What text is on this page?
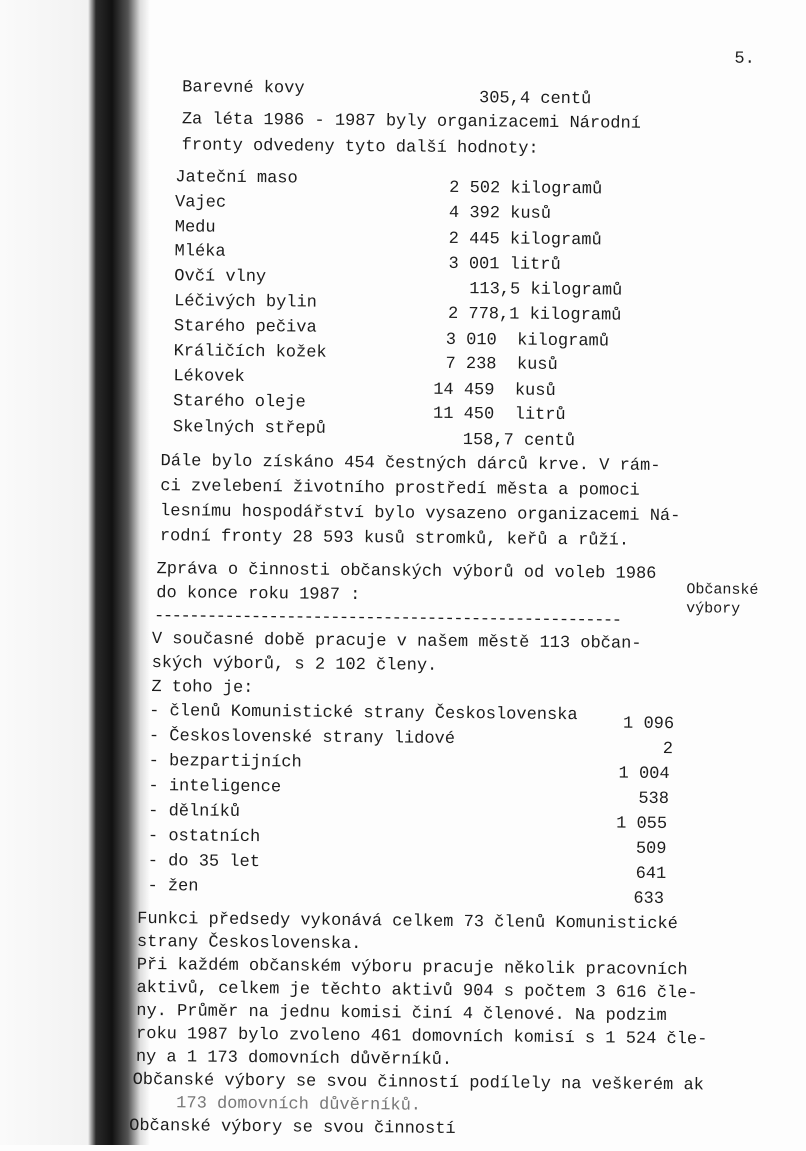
5.
Barevné kovy
305,4 centů
Za léta 1986 - 1987 byly organizacemi Národní
fronty odvedeny tyto další hodnoty:
Jateční maso
2 502 kilogramů
Vajec
4 392 kusů
Medu
2 445 kilogramů
Mléka
3 001 litrů
Ovčí vlny
113,5 kilogramů
Léčivých bylin
2 778,1 kilogramů
Starého pečiva
3 010  kilogramů
Králičích kožek
7 238  kusů
Lékovek
14 459  kusů
Starého oleje
11 450  litrů
Skelných střepů
158,7 centů
Dále bylo získáno 454 čestných dárců krve. V rám-
ci zvelebení životního prostředí města a pomoci
lesnímu hospodářství bylo vysazeno organizacemi Ná-
rodní fronty 28 593 kusů stromků, keřů a růží.
Zpráva o činnosti občanských výborů od voleb 1986
do konce roku 1987 :	Občanské
výbory
-----------------------------------------------------
V současné době pracuje v našem městě 113 občan-
ských výborů, s 2 102 členy.
Z toho je:
- členů Komunistické strany Československa	1 096
- Československé strany lidové
2
- bezpartijních
1 004
- inteligence
538
- dělníků
1 055
- ostatních
509
- do 35 let
641
- žen
633
Funkci předsedy vykonává celkem 73 členů Komunistické
strany Československa.
Při každém občanském výboru pracuje několik pracovních
aktivů, celkem je těchto aktivů 904 s počtem 3 616 čle-
ny. Průměr na jednu komisi činí 4 členové. Na podzim
roku 1987 bylo zvoleno 461 domovních komisí s 1 524 čle-
ny a 1 173 domovních důvěrníků.
Občanské výbory se svou činností podílely na veškerém ak
173 domovních důvěrníků.
Občanské výbory se svou činností
